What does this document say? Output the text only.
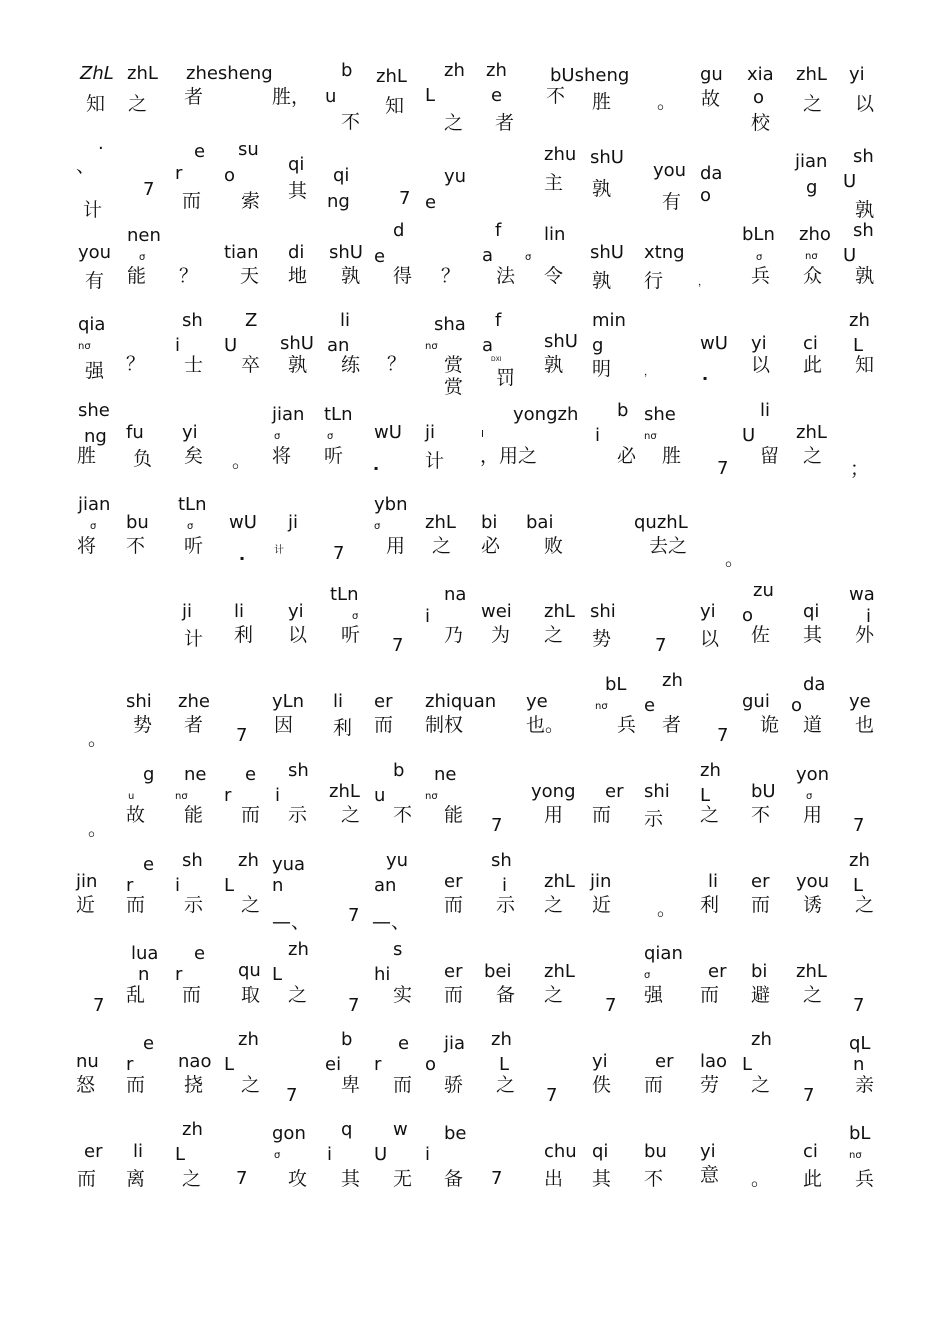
ZhL
知
zhL
之
zhesheng
者	胜，
b
u
不
zhL
知
zh
L
之
zh
e
者
bUsheng
不 胜 。
gu
故
xia
o
校
zhL
之
yi
以
.
、
计
7
e
r
而
su
o
索
qi
其
qi
ng	7 e
yu
zhu
主
shU
孰
you
有
da
o
jian
g
sh
U
孰
you
有
nen
σ
能 ？
tian
天
di
地
shU
孰
d
e
得 ？
f
a	σ
法
lin
令
shU
孰
xtng
行	，
bLn
σ
兵
zho
nσ
众
sh
U
孰
qia
nσ
强 ？
sh
i
士
Z
U
卒
shU
孰
li
an
练 ？
sha
nσ
赏
赏
f
a
DXI
罚
shU
孰
min
g
明	，
wU
▪
yi
以
ci
此
zh
L
知
she
ng
胜
fu
负
yi
矣 。
jian
σ
将
tLn
σ
听
wU
▪
ji	I
计 ，用之
yongzh b
i
必
she
nσ
胜
7
li
U
留
zhL
之
；
jian
σ
将
bu
不
tLn
σ
听
wU
▪
ji
计	7
ybn
σ
用
zhL
之
bi
必
bai
败
quzhL
去之
。
ji
计
li
利
yi
以
tLn
σ
听 7
na
i
乃
wei
为
zhL
之
shi
势 7
yi
以
zu
o
佐
qi
其
wa
i
外
。
shi
势
zhe
者 7
yLn
因
li
利
er
而
zhiquan
制权
ye
也。
bL
nσ
兵
zh
e
者 7
gui
诡
da
o
道
ye
也
。
g
u
故
ne
nσ
能
e
r
而
sh
i
示
zhL
之
b
u
不
ne
nσ
能 7
yong
用
er
而
shi
示
zh
L
之
bU
不
yon
σ
用 7
jin
近
e
r
而
sh
i
示
zh
L
之
yua
n
—、 7
yu
an
—、
er
而
sh
i
示
zhL
之
jin
近 。
li
利
er
而
you
诱
zh
L
之
7
lua
n
乱
e
r
而
qu
取
zh
L
之 7
s
hi
实
er
而
bei
备
zhL
之 7
qian
σ
强
er
而
bi
避
zhL
之 7
nu
怒
e
r
而
nao
挠
zh
L
之 7
b
ei
卑
e
r
而
jia
o
骄
zh
L
之 7
yi
佚
er
而
lao
劳
zh
L
之 7
qL
n
亲
er
而
li
离
zh
L
之 7
gon
σ
攻
q
i
其
w
U
无
be
i
备 7
chu
出
qi
其
bu
不
yi
意 。
ci
此
bL
nσ
兵
